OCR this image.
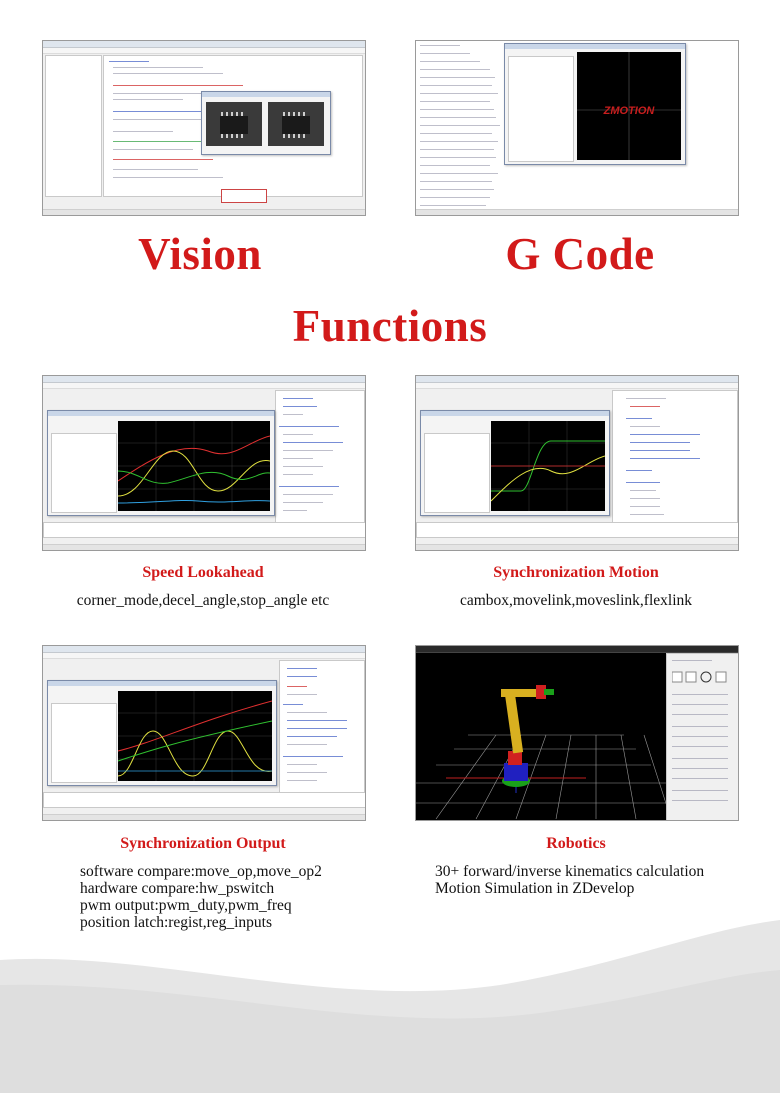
ZMOTION
Vision	G Code
Functions
Speed Lookahead
corner_mode,decel_angle,stop_angle etc
Synchronization Motion
cambox,movelink,moveslink,flexlink
Synchronization Output
software compare:move_op,move_op2
hardware compare:hw_pswitch
pwm output:pwm_duty,pwm_freq
position latch:regist,reg_inputs
Robotics
30+ forward/inverse kinematics calculation
Motion Simulation in ZDevelop
